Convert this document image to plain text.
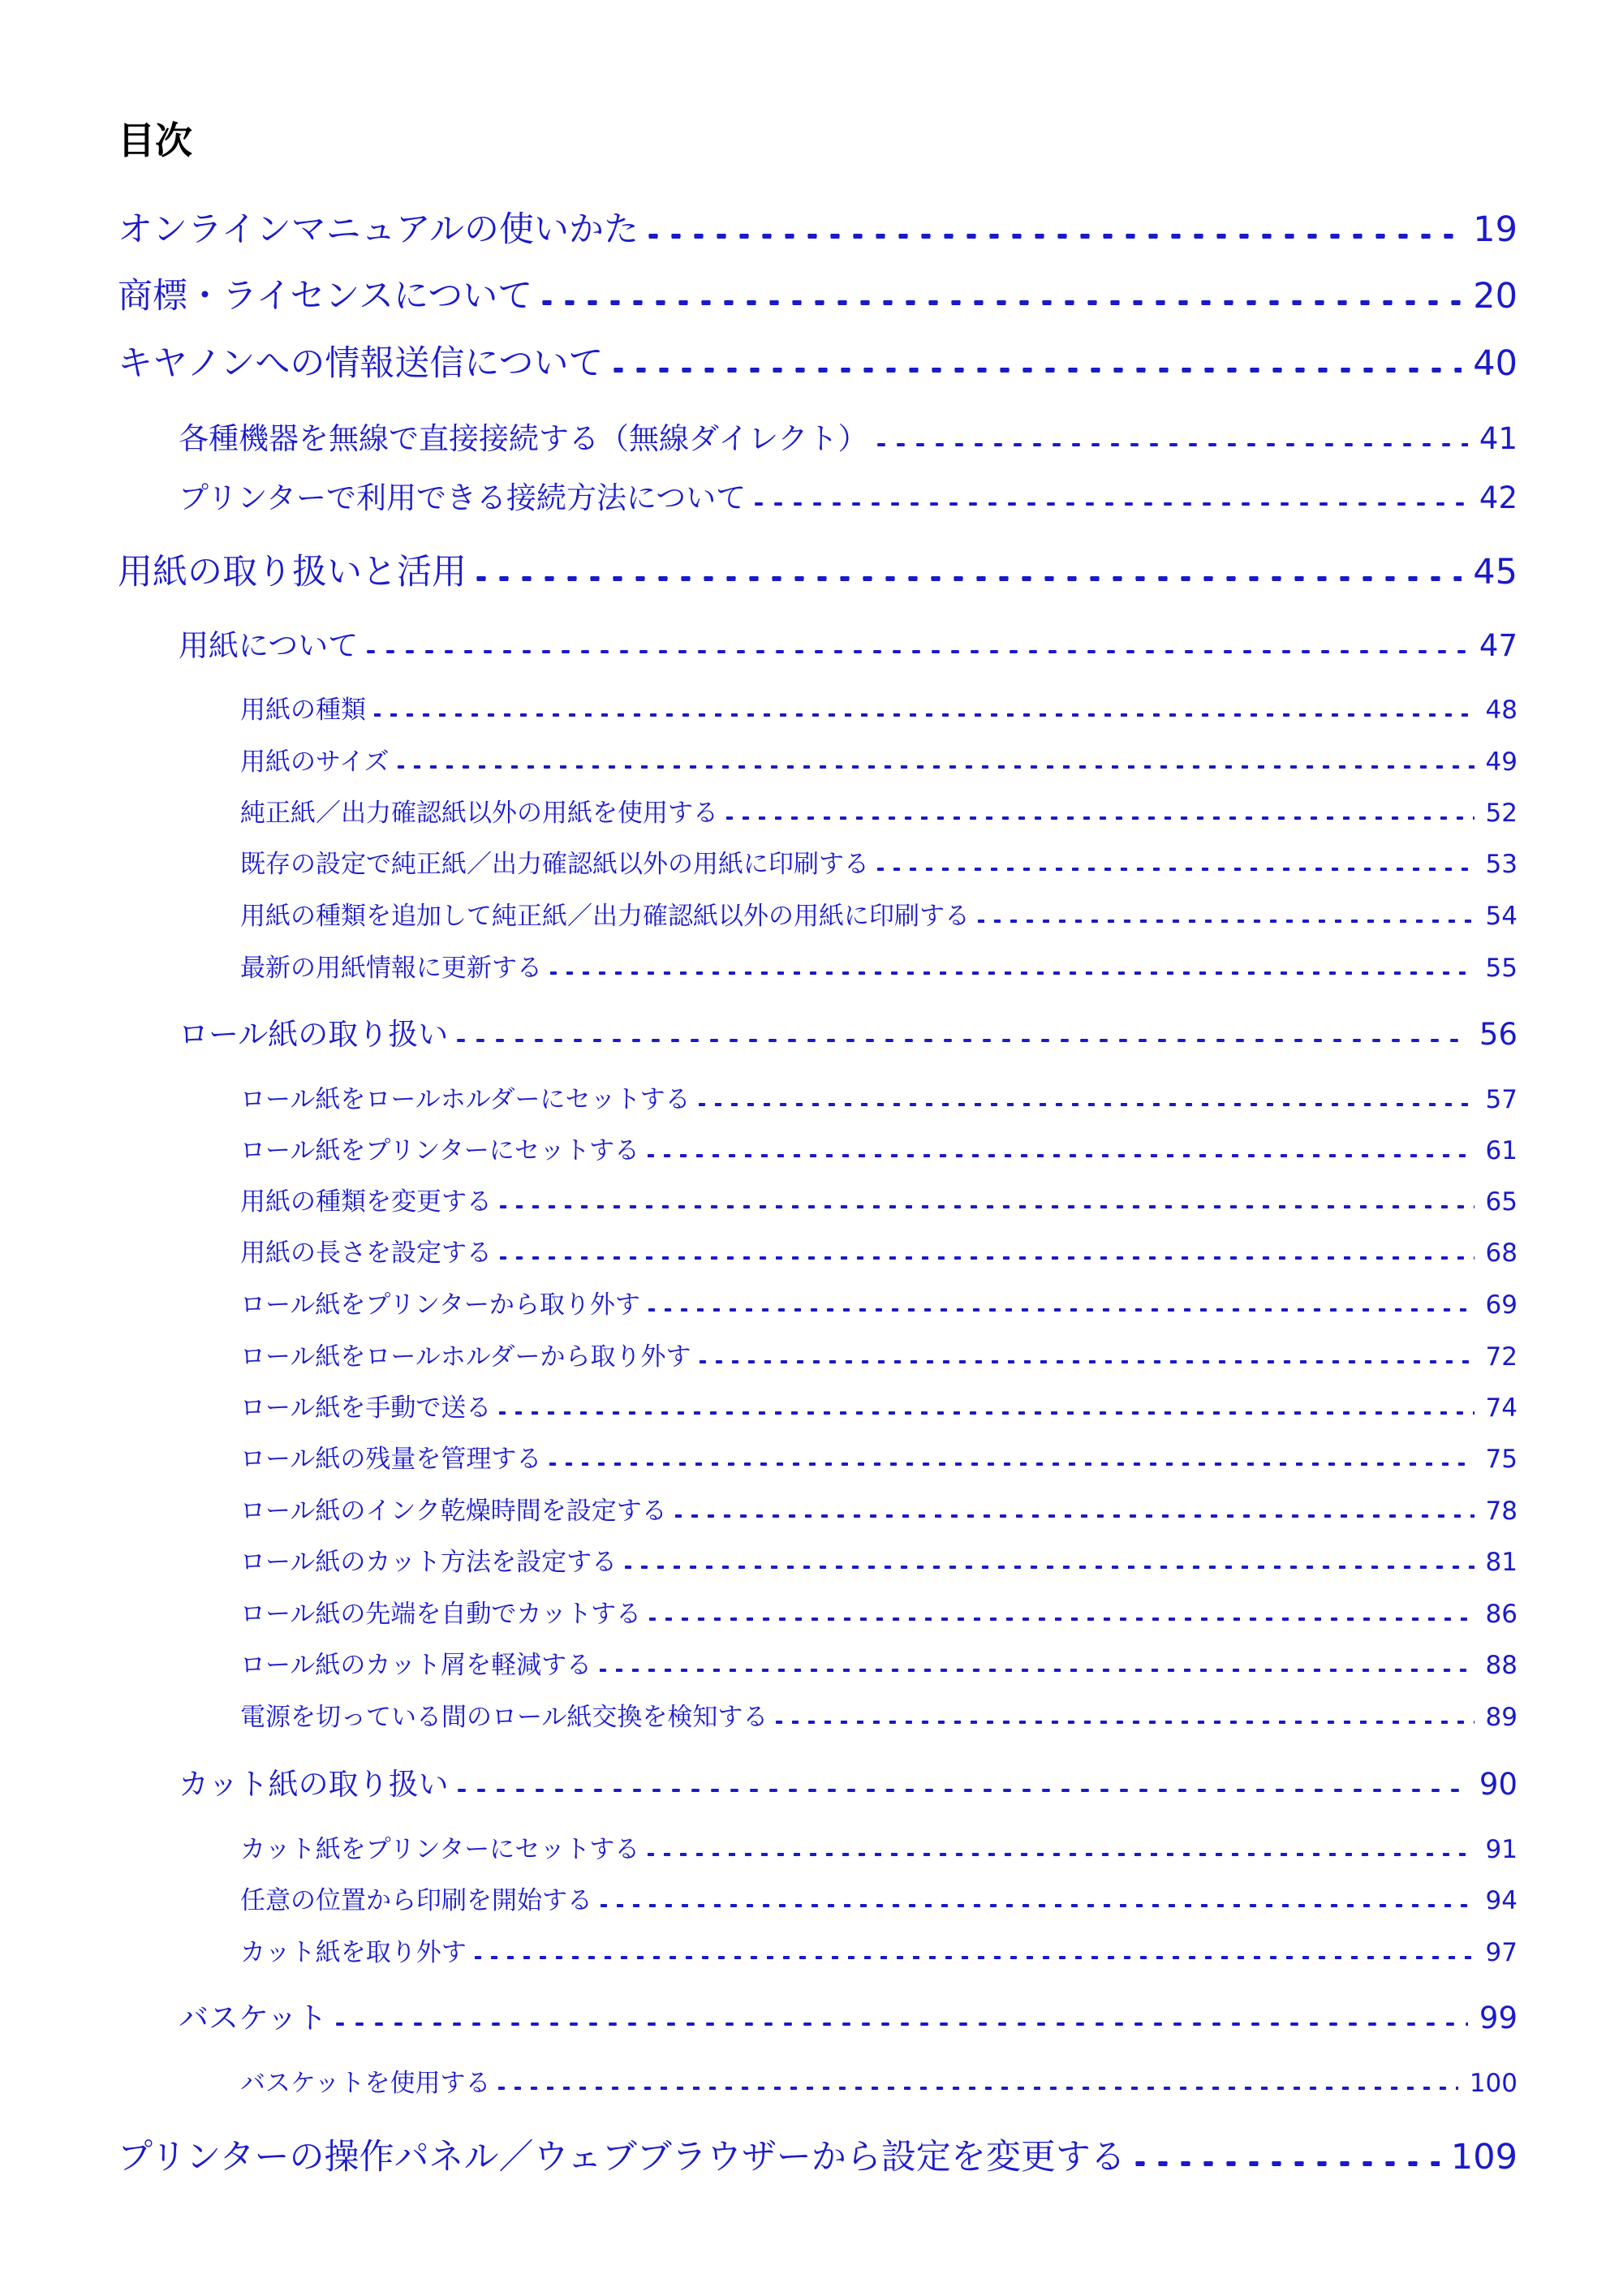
目次
オンラインマニュアルの使いかた	19
商標・ライセンスについて	20
キヤノンへの情報送信について	40
各種機器を無線で直接接続する（無線ダイレクト）	41
プリンターで利用できる接続方法について	42
用紙の取り扱いと活用	45
用紙について	47
用紙の種類	48
用紙のサイズ	49
純正紙／出力確認紙以外の用紙を使用する	52
既存の設定で純正紙／出力確認紙以外の用紙に印刷する	53
用紙の種類を追加して純正紙／出力確認紙以外の用紙に印刷する	54
最新の用紙情報に更新する	55
ロール紙の取り扱い	56
ロール紙をロールホルダーにセットする	57
ロール紙をプリンターにセットする	61
用紙の種類を変更する	65
用紙の長さを設定する	68
ロール紙をプリンターから取り外す	69
ロール紙をロールホルダーから取り外す	72
ロール紙を手動で送る	74
ロール紙の残量を管理する	75
ロール紙のインク乾燥時間を設定する	78
ロール紙のカット方法を設定する	81
ロール紙の先端を自動でカットする	86
ロール紙のカット屑を軽減する	88
電源を切っている間のロール紙交換を検知する	89
カット紙の取り扱い	90
カット紙をプリンターにセットする	91
任意の位置から印刷を開始する	94
カット紙を取り外す	97
バスケット	99
バスケットを使用する	100
プリンターの操作パネル／ウェブブラウザーから設定を変更する	109
